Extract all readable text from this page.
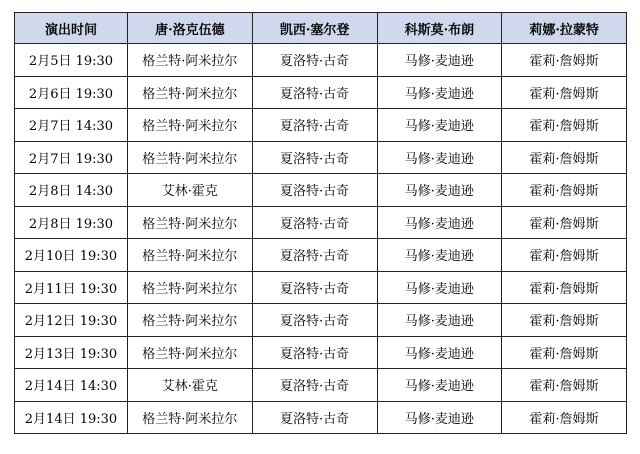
演出时间	唐·洛克伍德	凯西·塞尔登	科斯莫·布朗	莉娜·拉蒙特
2月5日 19:30	格兰特·阿米拉尔	夏洛特·古奇	马修·麦迪逊	霍莉·詹姆斯
2月6日 19:30	格兰特·阿米拉尔	夏洛特·古奇	马修·麦迪逊	霍莉·詹姆斯
2月7日 14:30	格兰特·阿米拉尔	夏洛特·古奇	马修·麦迪逊	霍莉·詹姆斯
2月7日 19:30	格兰特·阿米拉尔	夏洛特·古奇	马修·麦迪逊	霍莉·詹姆斯
2月8日 14:30	艾林·霍克	夏洛特·古奇	马修·麦迪逊	霍莉·詹姆斯
2月8日 19:30	格兰特·阿米拉尔	夏洛特·古奇	马修·麦迪逊	霍莉·詹姆斯
2月10日 19:30	格兰特·阿米拉尔	夏洛特·古奇	马修·麦迪逊	霍莉·詹姆斯
2月11日 19:30	格兰特·阿米拉尔	夏洛特·古奇	马修·麦迪逊	霍莉·詹姆斯
2月12日 19:30	格兰特·阿米拉尔	夏洛特·古奇	马修·麦迪逊	霍莉·詹姆斯
2月13日 19:30	格兰特·阿米拉尔	夏洛特·古奇	马修·麦迪逊	霍莉·詹姆斯
2月14日 14:30	艾林·霍克	夏洛特·古奇	马修·麦迪逊	霍莉·詹姆斯
2月14日 19:30	格兰特·阿米拉尔	夏洛特·古奇	马修·麦迪逊	霍莉·詹姆斯
